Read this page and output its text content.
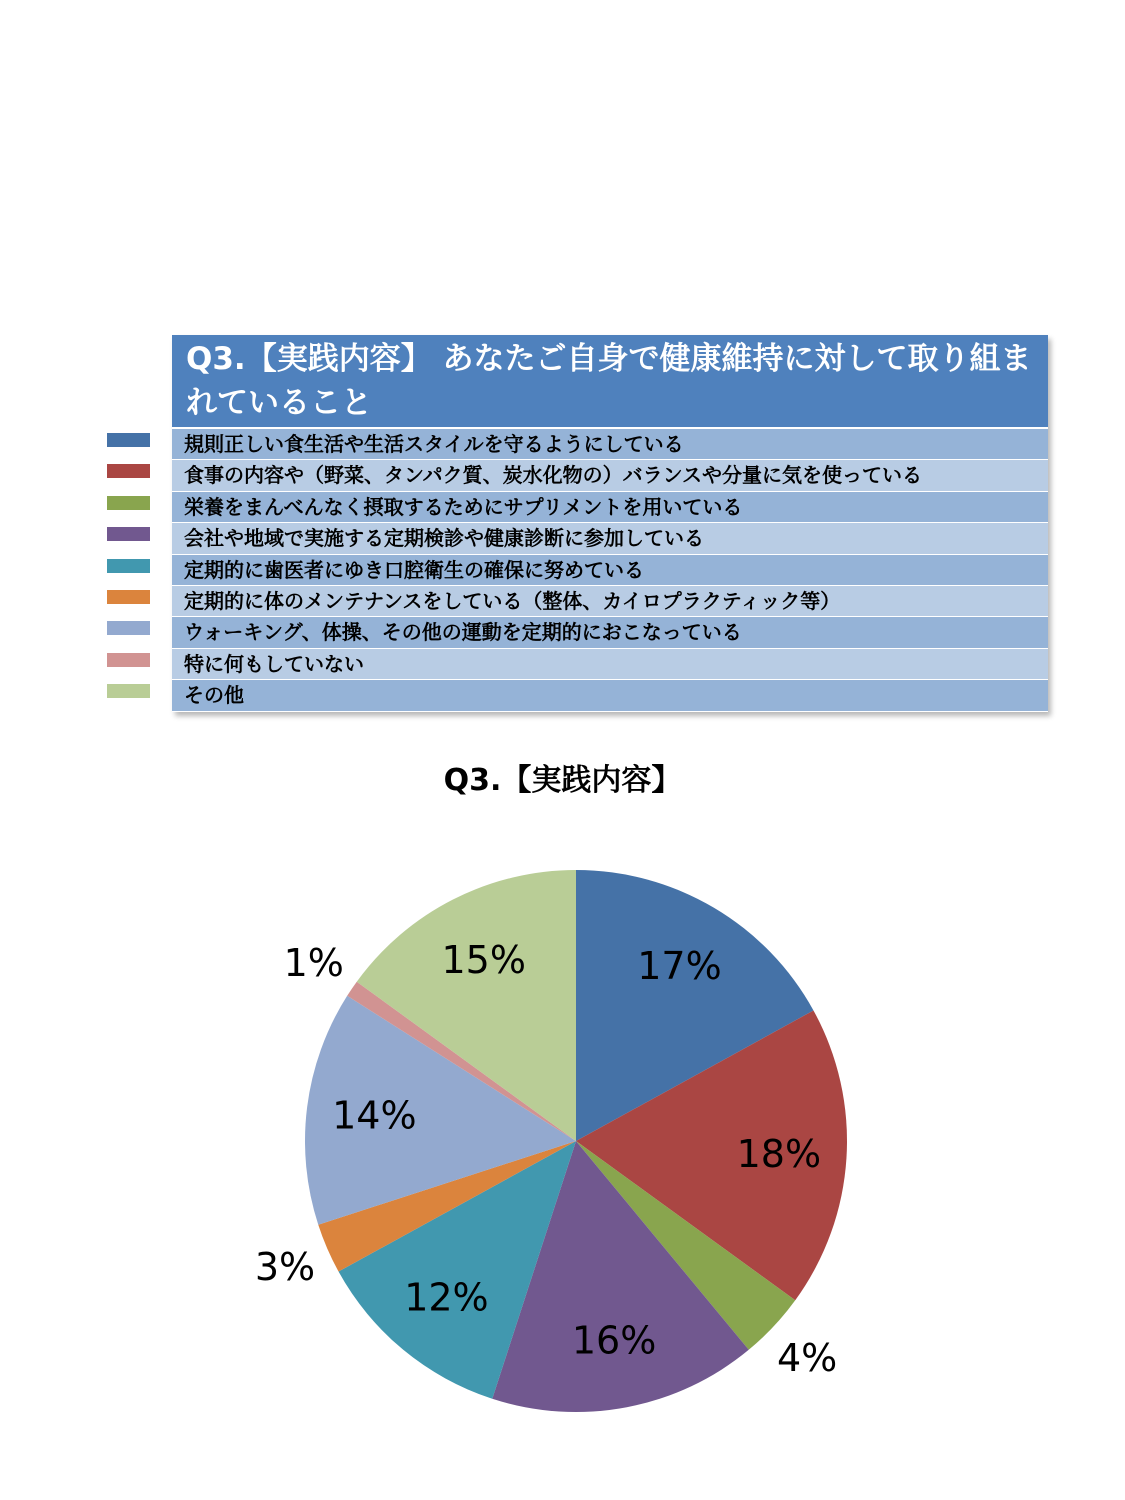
Q3.【実践内容】 あなたご自身で健康維持に対して取り組まれていること
規則正しい食生活や生活スタイルを守るようにしている
食事の内容や（野菜、タンパク質、炭水化物の）バランスや分量に気を使っている
栄養をまんべんなく摂取するためにサプリメントを用いている
会社や地域で実施する定期検診や健康診断に参加している
定期的に歯医者にゆき口腔衛生の確保に努めている
定期的に体のメンテナンスをしている（整体、カイロプラクティック等）
ウォーキング、体操、その他の運動を定期的におこなっている
特に何もしていない
その他
Q3.【実践内容】
17%
18%
4%
16%
12%
3%
14%
1%	15%
